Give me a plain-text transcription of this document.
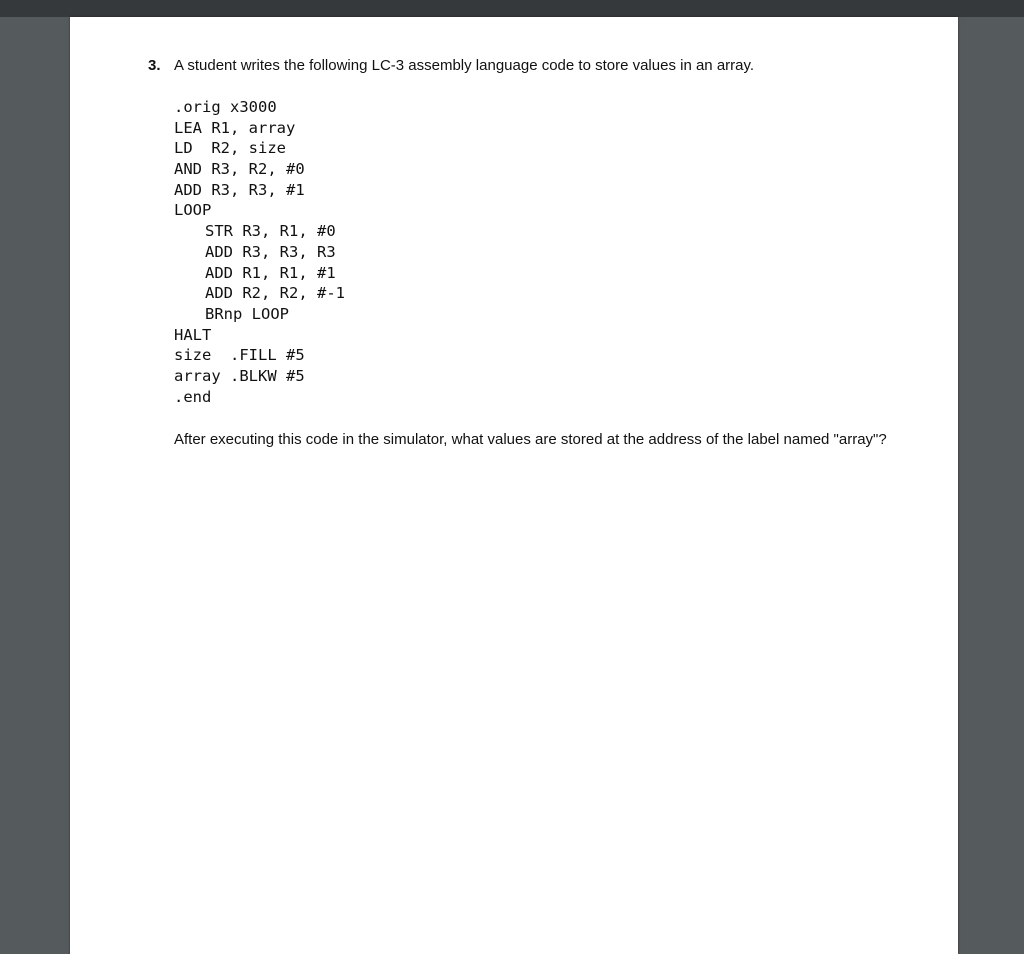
3. A student writes the following LC-3 assembly language code to store values in an array.
.orig x3000
LEA R1, array
LD  R2, size
AND R3, R2, #0
ADD R3, R3, #1
LOOP
STR R3, R1, #0
ADD R3, R3, R3
ADD R1, R1, #1
ADD R2, R2, #-1
BRnp LOOP
HALT
size  .FILL #5
array .BLKW #5
.end
After executing this code in the simulator, what values are stored at the address of the label named "array"?
